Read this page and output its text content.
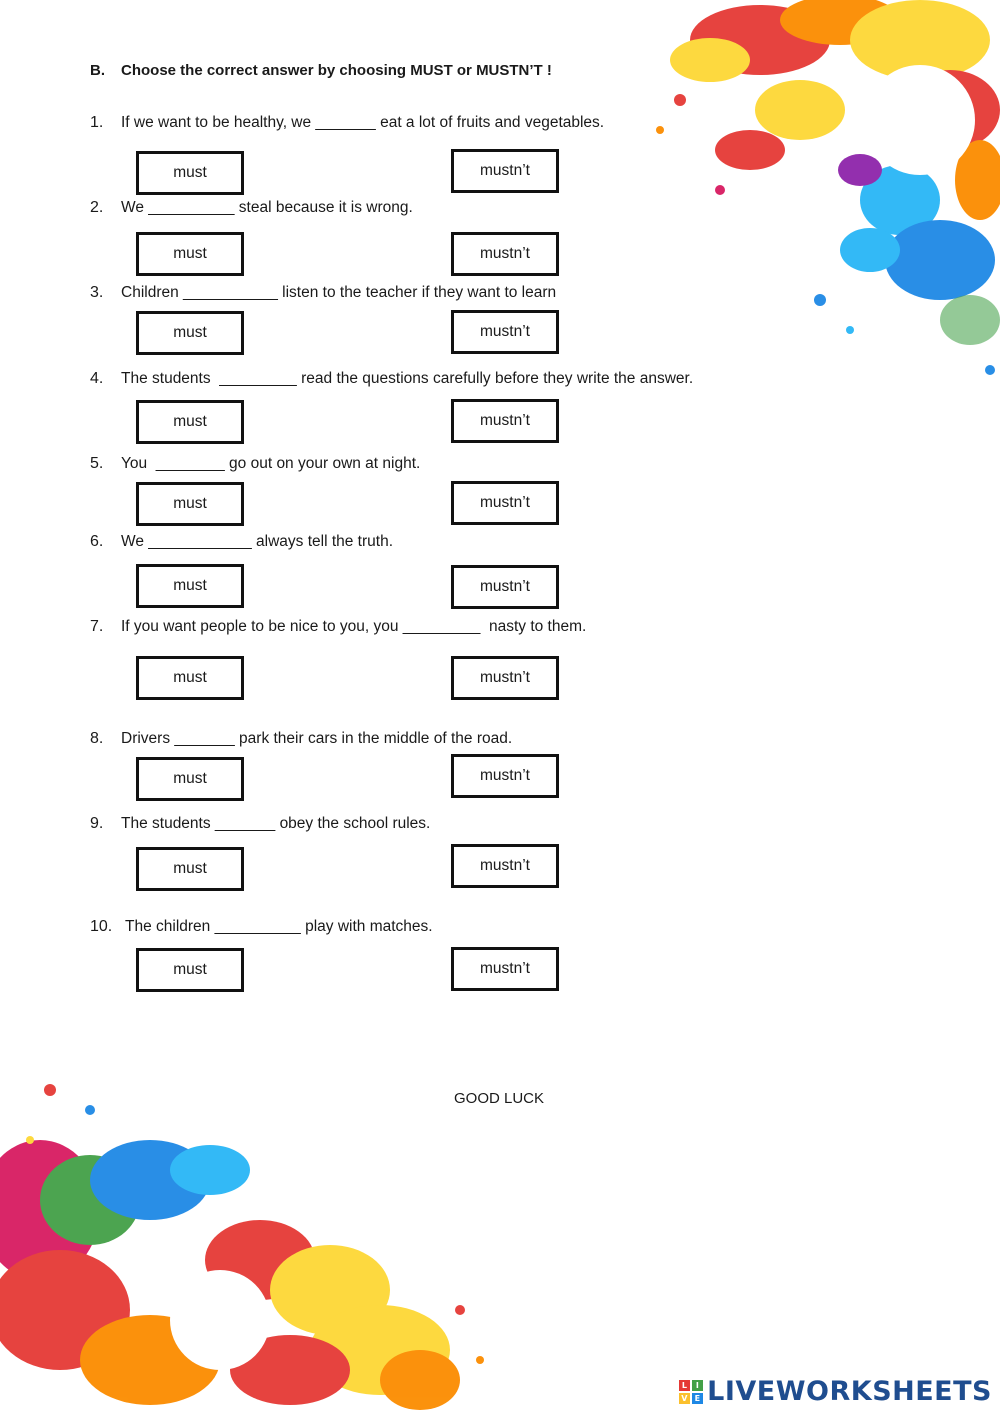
B. Choose the correct answer by choosing MUST or MUSTN’T !
1. If we want to be healthy, we _______ eat a lot of fruits and vegetables.
must	mustn’t
2. We __________ steal because it is wrong.
must	mustn’t
3. Children ___________ listen to the teacher if they want to learn
must	mustn’t
4. The students  _________ read the questions carefully before they write the answer.
must	mustn’t
5. You  ________ go out on your own at night.
must	mustn’t
6. We ____________ always tell the truth.
must	mustn’t
7. If you want people to be nice to you, you _________  nasty to them.
must	mustn’t
8. Drivers _______ park their cars in the middle of the road.
must	mustn’t
9. The students _______ obey the school rules.
must	mustn’t
10. The children __________ play with matches.
must	mustn’t
GOOD LUCK
L	I
V E LIVEWORKSHEETS
